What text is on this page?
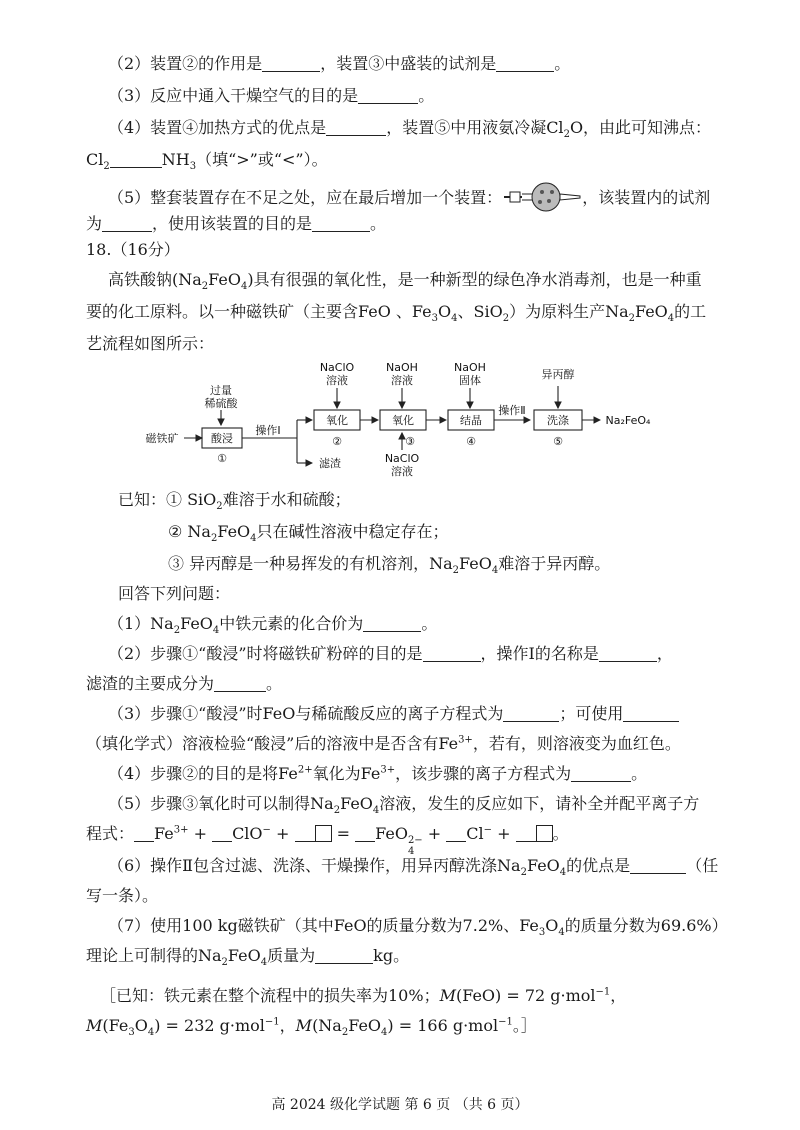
（2）装置②的作用是	，装置③中盛装的试剂是	。
（3）反应中通入干燥空气的目的是	。
（4）装置④加热方式的优点是	，装置⑤中用液氨冷凝$Cl_2O$，由此可知沸点：
$Cl_2$	$NH_3$（填“>”或“<”）。
（5）整套装置存在不足之处，应在最后增加一个装置：	，该装置内的试剂
为	，使用该装置的目的是	。
18.（16分）
高铁酸钠$(Na_2FeO_4)$具有很强的氧化性，是一种新型的绿色净水消毒剂，也是一种重
要的化工原料。以一种磁铁矿（主要含FeO 、$Fe_3O_4$、SiO$_2$）为原料生产$Na_2FeO_4$的工
艺流程如图所示：
磁铁矿
过量
稀硫酸
酸浸
①
操作Ⅰ
滤渣
NaClO
溶液
氧化
②
NaOH
溶液
氧化
③
NaClO
溶液
NaOH
固体
结晶
④
操作Ⅱ
异丙醇
洗涤
⑤
Na₂FeO₄
已知：① SiO$_2$难溶于水和硫酸；
② $Na_2FeO_4$只在碱性溶液中稳定存在；
③ 异丙醇是一种易挥发的有机溶剂，$Na_2FeO_4$难溶于异丙醇。
回答下列问题：
$(1)Na_2FeO_4$中铁元素的化合价为	。
（2）步骤①“酸浸”时将磁铁矿粉碎的目的是	，操作Ⅰ的名称是	，
滤渣的主要成分为	。
（3）步骤①“酸浸”时FeO与稀硫酸反应的离子方程式为	；可使用
（填化学式）溶液检验“酸浸”后的溶液中是否含有$Fe^{3+}$，若有，则溶液变为血红色。
（4）步骤②的目的是将$Fe^{2+}$氧化为$Fe^{3+}$，该步骤的离子方程式为	。
（5）步骤③氧化时可以制得$Na_2FeO_4$溶液，发生的反应如下，请补全并配平离子方
程式： $Fe^{3+} + ClO^-$ +	= FeO 2−
4
+ Cl− +	。
（6）操作Ⅱ包含过滤、洗涤、干燥操作，用异丙醇洗涤$Na_2FeO_4$的优点是	（任
写一条）。
（7）使用100 kg磁铁矿（其中FeO的质量分数为7.2%、$Fe_3O_4$的质量分数为69.6%）
理论上可制得的$Na_2FeO_4$质量为	kg。
［已知：铁元素在整个流程中的损失率为10%；M(FeO) = 72 g·mol$^{-1}$，
$M(Fe_3O_4) = 232$ g·mol$^{-1}$，$M(Na_2FeO_4) = 166$ g·mol$^{-1}$。］
高 2024 级化学试题 第 6 页 （共 6 页）
